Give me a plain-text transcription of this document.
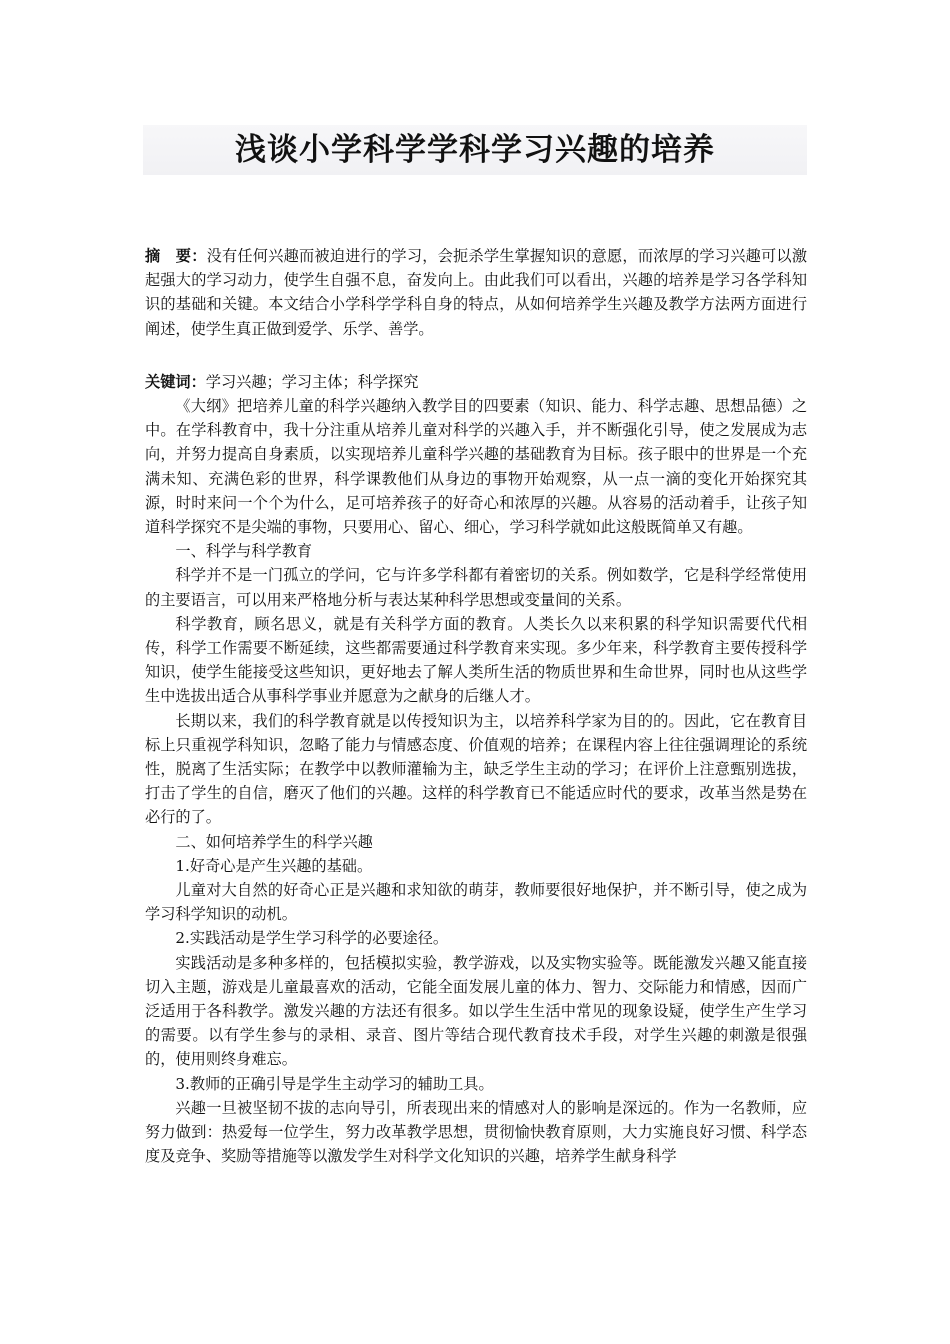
浅谈小学科学学科学习兴趣的培养
摘　要：没有任何兴趣而被迫进行的学习，会扼杀学生掌握知识的意愿，而浓厚的学习兴趣可以激起强大的学习动力，使学生自强不息，奋发向上。由此我们可以看出，兴趣的培养是学习各学科知识的基础和关键。本文结合小学科学学科自身的特点，从如何培养学生兴趣及教学方法两方面进行阐述，使学生真正做到爱学、乐学、善学。
关键词：学习兴趣；学习主体；科学探究

《大纲》把培养儿童的科学兴趣纳入教学目的四要素（知识、能力、科学志趣、思想品德）之中。在学科教育中，我十分注重从培养儿童对科学的兴趣入手，并不断强化引导，使之发展成为志向，并努力提高自身素质，以实现培养儿童科学兴趣的基础教育为目标。孩子眼中的世界是一个充满未知、充满色彩的世界，科学课教他们从身边的事物开始观察，从一点一滴的变化开始探究其源，时时来问一个个为什么，足可培养孩子的好奇心和浓厚的兴趣。从容易的活动着手，让孩子知道科学探究不是尖端的事物，只要用心、留心、细心，学习科学就如此这般既简单又有趣。

一、科学与科学教育

科学并不是一门孤立的学问，它与许多学科都有着密切的关系。例如数学，它是科学经常使用的主要语言，可以用来严格地分析与表达某种科学思想或变量间的关系。

科学教育，顾名思义，就是有关科学方面的教育。人类长久以来积累的科学知识需要代代相传，科学工作需要不断延续，这些都需要通过科学教育来实现。多少年来，科学教育主要传授科学知识，使学生能接受这些知识，更好地去了解人类所生活的物质世界和生命世界，同时也从这些学生中选拔出适合从事科学事业并愿意为之献身的后继人才。

长期以来，我们的科学教育就是以传授知识为主，以培养科学家为目的的。因此，它在教育目标上只重视学科知识，忽略了能力与情感态度、价值观的培养；在课程内容上往往强调理论的系统性，脱离了生活实际；在教学中以教师灌输为主，缺乏学生主动的学习；在评价上注意甄别选拔，打击了学生的自信，磨灭了他们的兴趣。这样的科学教育已不能适应时代的要求，改革当然是势在必行的了。

二、如何培养学生的科学兴趣

1.好奇心是产生兴趣的基础。

儿童对大自然的好奇心正是兴趣和求知欲的萌芽，教师要很好地保护，并不断引导，使之成为学习科学知识的动机。

2.实践活动是学生学习科学的必要途径。

实践活动是多种多样的，包括模拟实验，教学游戏，以及实物实验等。既能激发兴趣又能直接切入主题，游戏是儿童最喜欢的活动，它能全面发展儿童的体力、智力、交际能力和情感，因而广泛适用于各科教学。激发兴趣的方法还有很多。如以学生生活中常见的现象设疑，使学生产生学习的需要。以有学生参与的录相、录音、图片等结合现代教育技术手段，对学生兴趣的刺激是很强的，使用则终身难忘。

3.教师的正确引导是学生主动学习的辅助工具。

兴趣一旦被坚韧不拔的志向导引，所表现出来的情感对人的影响是深远的。作为一名教师，应努力做到：热爱每一位学生，努力改革教学思想，贯彻愉快教育原则，大力实施良好习惯、科学态度及竞争、奖励等措施等以激发学生对科学文化知识的兴趣，培养学生献身科学
